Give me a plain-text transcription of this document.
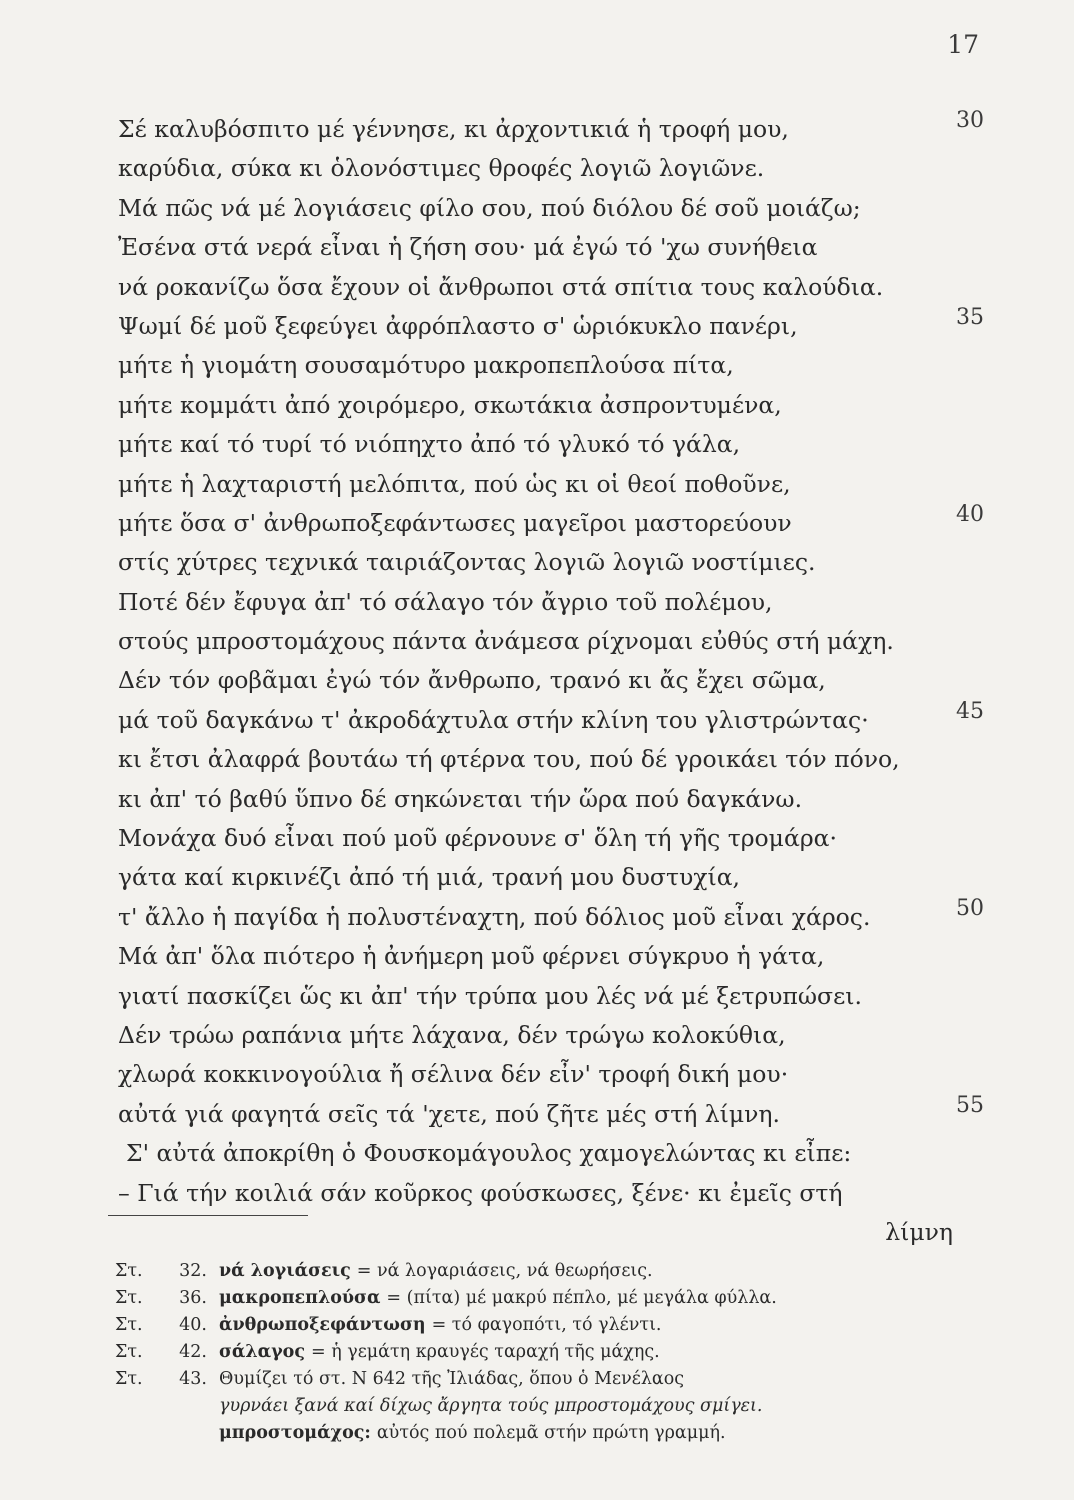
17
Σέ καλυβόσπιτο μέ γέννησε, κι ἀρχοντικιά ἡ τροφή μου,	30
καρύδια, σύκα κι ὁλονόστιμες θροφές λογιῶ λογιῶνε.
Μά πῶς νά μέ λογιάσεις φίλο σου, πού διόλου δέ σοῦ μοιάζω;
Ἐσένα στά νερά εἶναι ἡ ζήση σου· μά ἐγώ τό 'χω συνήθεια
νά ροκανίζω ὅσα ἔχουν οἱ ἄνθρωποι στά σπίτια τους καλούδια.
Ψωμί δέ μοῦ ξεφεύγει ἀφρόπλαστο σ' ὡριόκυκλο πανέρι,	35
μήτε ἡ γιομάτη σουσαμότυρο μακροπεπλούσα πίτα,
μήτε κομμάτι ἀπό χοιρόμερο, σκωτάκια ἀσπροντυμένα,
μήτε καί τό τυρί τό νιόπηχτο ἀπό τό γλυκό τό γάλα,
μήτε ἡ λαχταριστή μελόπιτα, πού ὡς κι οἱ θεοί ποθοῦνε,
μήτε ὅσα σ' ἀνθρωποξεφάντωσες μαγεῖροι μαστορεύουν	40
στίς χύτρες τεχνικά ταιριάζοντας λογιῶ λογιῶ νοστίμιες.
Ποτέ δέν ἔφυγα ἀπ' τό σάλαγο τόν ἄγριο τοῦ πολέμου,
στούς μπροστομάχους πάντα ἀνάμεσα ρίχνομαι εὐθύς στή μάχη.
Δέν τόν φοβᾶμαι ἐγώ τόν ἄνθρωπο, τρανό κι ἄς ἔχει σῶμα,
μά τοῦ δαγκάνω τ' ἀκροδάχτυλα στήν κλίνη του γλιστρώντας·	45
κι ἔτσι ἀλαφρά βουτάω τή φτέρνα του, πού δέ γροικάει τόν πόνο,
κι ἀπ' τό βαθύ ὕπνο δέ σηκώνεται τήν ὥρα πού δαγκάνω.
Μονάχα δυό εἶναι πού μοῦ φέρνουνε σ' ὅλη τή γῆς τρομάρα·
γάτα καί κιρκινέζι ἀπό τή μιά, τρανή μου δυστυχία,
τ' ἄλλο ἡ παγίδα ἡ πολυστέναχτη, πού δόλιος μοῦ εἶναι χάρος.	50
Μά ἀπ' ὅλα πιότερο ἡ ἀνήμερη μοῦ φέρνει σύγκρυο ἡ γάτα,
γιατί πασκίζει ὥς κι ἀπ' τήν τρύπα μου λές νά μέ ξετρυπώσει.
Δέν τρώω ραπάνια μήτε λάχανα, δέν τρώγω κολοκύθια,
χλωρά κοκκινογούλια ἤ σέλινα δέν εἶν' τροφή δική μου·
αὐτά γιά φαγητά σεῖς τά 'χετε, πού ζῆτε μές στή λίμνη.	55
Σ' αὐτά ἀποκρίθη ὁ Φουσκομάγουλος χαμογελώντας κι εἶπε:
– Γιά τήν κοιλιά σάν κοῦρκος φούσκωσες, ξένε· κι ἐμεῖς στή
λίμνη
Στ. 32. νά λογιάσεις = νά λογαριάσεις, νά θεωρήσεις.
Στ. 36. μακροπεπλούσα = (πίτα) μέ μακρύ πέπλο, μέ μεγάλα φύλλα.
Στ. 40. ἀνθρωποξεφάντωση = τό φαγοπότι, τό γλέντι.
Στ. 42. σάλαγος = ἡ γεμάτη κραυγές ταραχή τῆς μάχης.
Στ. 43. Θυμίζει τό στ. Ν 642 τῆς Ἰλιάδας, ὅπου ὁ Μενέλαος
γυρνάει ξανά καί δίχως ἄργητα τούς μπροστομάχους σμίγει.
μπροστομάχος: αὐτός πού πολεμᾶ στήν πρώτη γραμμή.
